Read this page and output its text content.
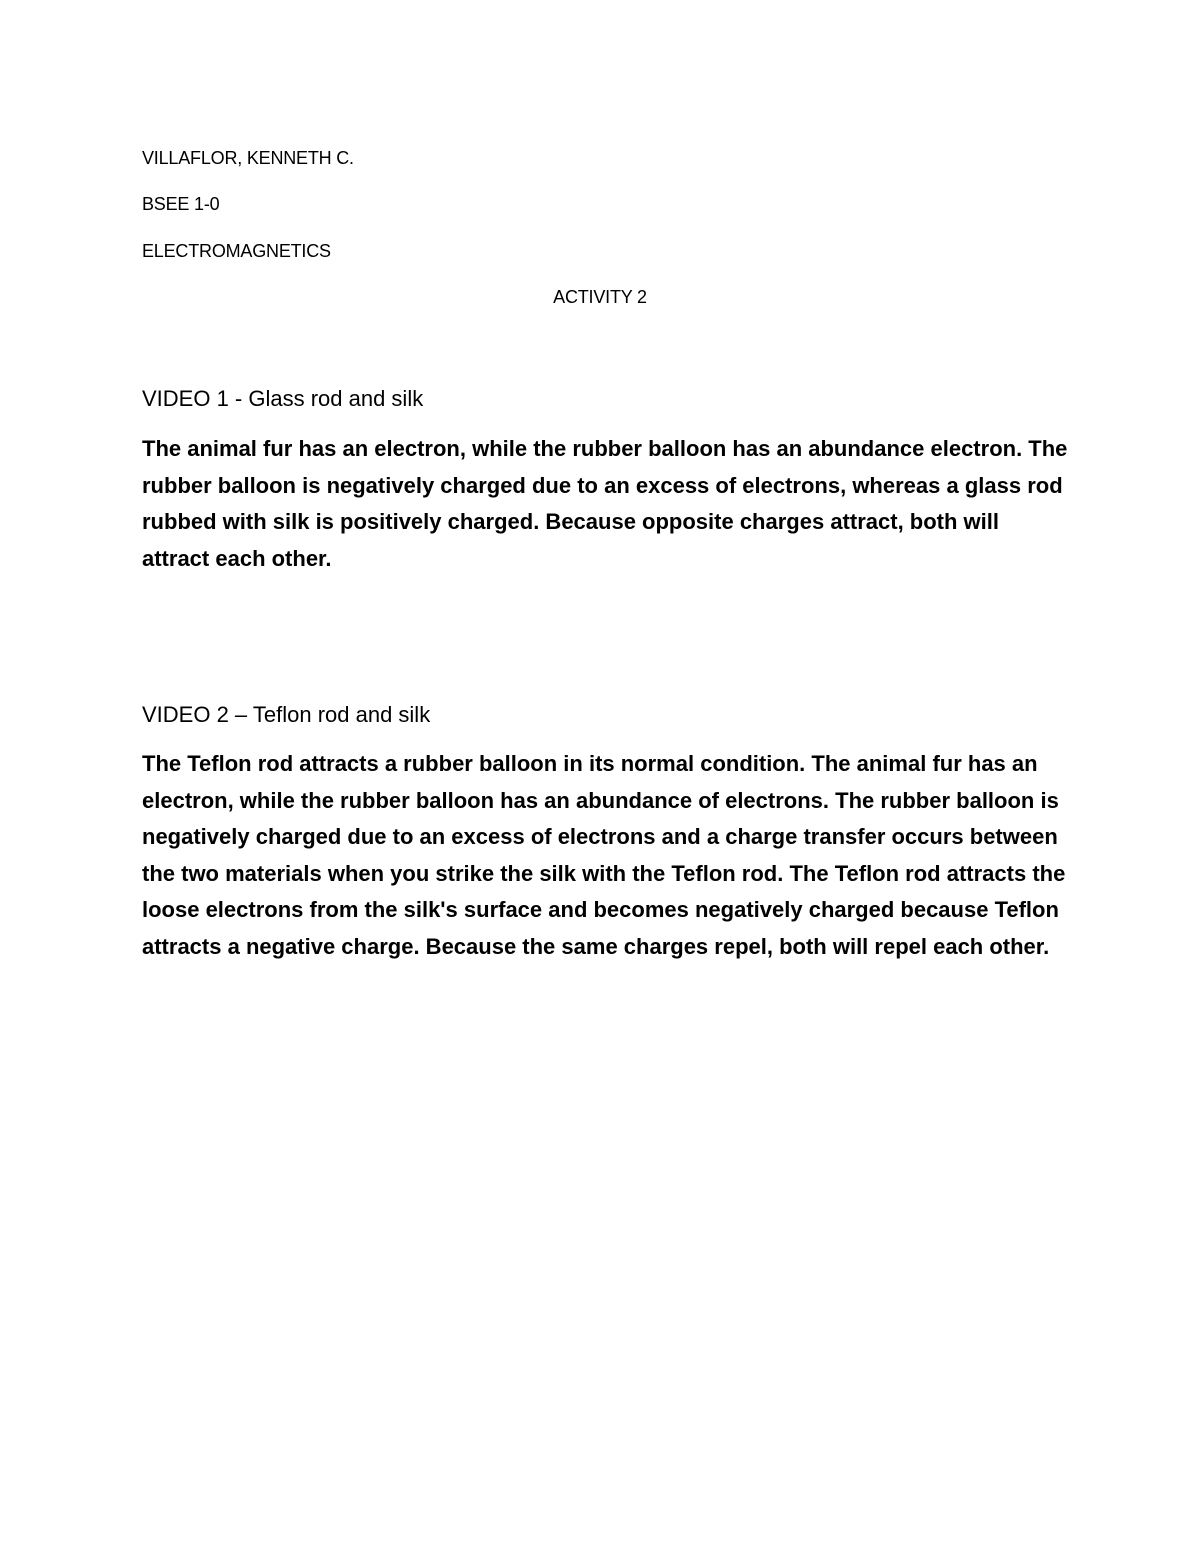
VILLAFLOR, KENNETH C.

BSEE 1-0

ELECTROMAGNETICS

ACTIVITY 2

VIDEO 1 - Glass rod and silk

The animal fur has an electron, while the rubber balloon has an abundance electron. The rubber balloon is negatively charged due to an excess of electrons, whereas a glass rod rubbed with silk is positively charged. Because opposite charges attract, both will attract each other.

VIDEO 2 – Teflon rod and silk

The Teflon rod attracts a rubber balloon in its normal condition. The animal fur has an electron, while the rubber balloon has an abundance of electrons. The rubber balloon is negatively charged due to an excess of electrons and a charge transfer occurs between the two materials when you strike the silk with the Teflon rod. The Teflon rod attracts the loose electrons from the silk's surface and becomes negatively charged because Teflon attracts a negative charge. Because the same charges repel, both will repel each other.
